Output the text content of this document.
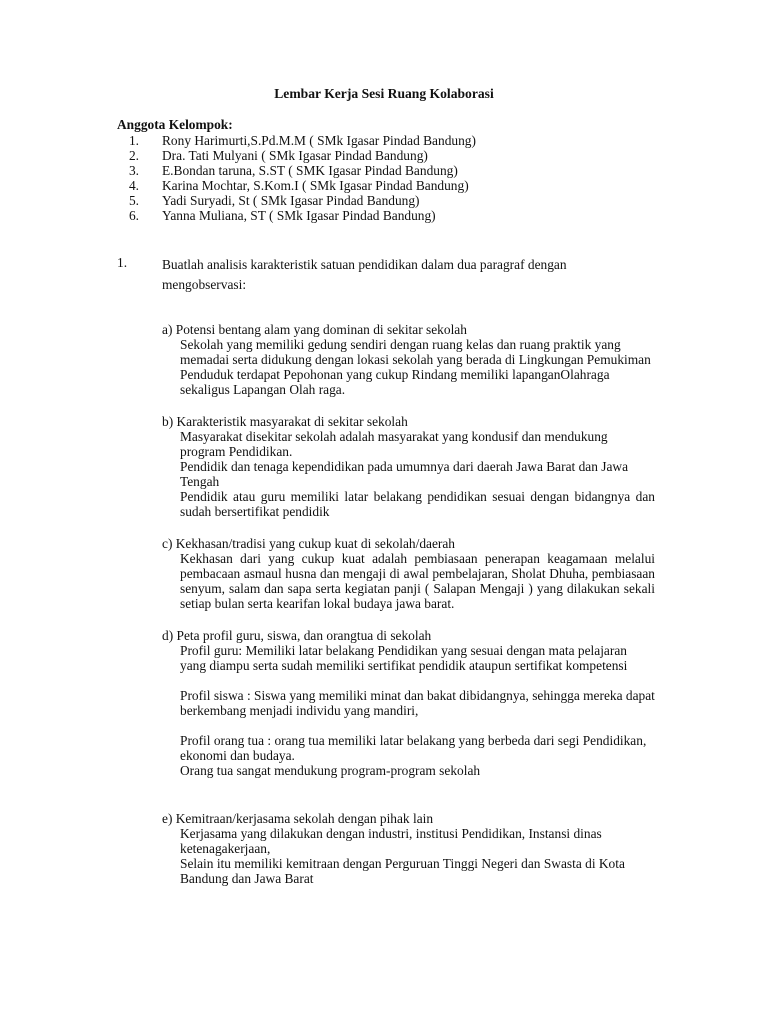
Lembar Kerja Sesi Ruang Kolaborasi
Anggota Kelompok:
1. Rony Harimurti,S.Pd.M.M ( SMk Igasar Pindad Bandung)
2. Dra. Tati Mulyani ( SMk Igasar Pindad Bandung)
3. E.Bondan taruna, S.ST ( SMK Igasar Pindad Bandung)
4. Karina Mochtar, S.Kom.I ( SMk Igasar Pindad Bandung)
5. Yadi Suryadi, St ( SMk Igasar Pindad Bandung)
6. Yanna Muliana, ST ( SMk Igasar Pindad Bandung)
1.	Buatlah analisis karakteristik satuan pendidikan dalam dua paragraf dengan mengobservasi:
a) Potensi bentang alam yang dominan di sekitar sekolah

Sekolah yang memiliki gedung sendiri dengan ruang kelas dan ruang praktik yang memadai serta didukung dengan lokasi sekolah yang berada di Lingkungan Pemukiman Penduduk terdapat Pepohonan yang cukup Rindang memiliki lapanganOlahraga sekaligus Lapangan Olah raga.

b) Karakteristik masyarakat di sekitar sekolah

Masyarakat disekitar sekolah adalah masyarakat yang kondusif dan mendukung program Pendidikan.

Pendidik dan tenaga kependidikan pada umumnya dari daerah Jawa Barat dan Jawa Tengah

Pendidik atau guru memiliki latar belakang pendidikan sesuai dengan bidangnya dan sudah bersertifikat pendidik

c) Kekhasan/tradisi yang cukup kuat di sekolah/daerah

Kekhasan dari yang cukup kuat adalah pembiasaan penerapan keagamaan melalui pembacaan asmaul husna dan mengaji di awal pembelajaran, Sholat Dhuha, pembiasaan senyum, salam dan sapa serta kegiatan panji ( Salapan Mengaji ) yang dilakukan sekali setiap bulan serta kearifan lokal budaya jawa barat.

d) Peta profil guru, siswa, dan orangtua di sekolah

Profil guru: Memiliki latar belakang Pendidikan yang sesuai dengan mata pelajaran yang diampu serta sudah memiliki sertifikat pendidik ataupun sertifikat kompetensi

Profil siswa : Siswa yang memiliki minat dan bakat dibidangnya, sehingga mereka dapat berkembang menjadi individu yang mandiri,

Profil orang tua : orang tua memiliki latar belakang yang berbeda dari segi Pendidikan, ekonomi dan budaya.

Orang tua sangat mendukung program-program sekolah

e) Kemitraan/kerjasama sekolah dengan pihak lain

Kerjasama yang dilakukan dengan industri, institusi Pendidikan, Instansi dinas ketenagakerjaan,

Selain itu memiliki kemitraan dengan Perguruan Tinggi Negeri dan Swasta di Kota Bandung dan Jawa Barat
